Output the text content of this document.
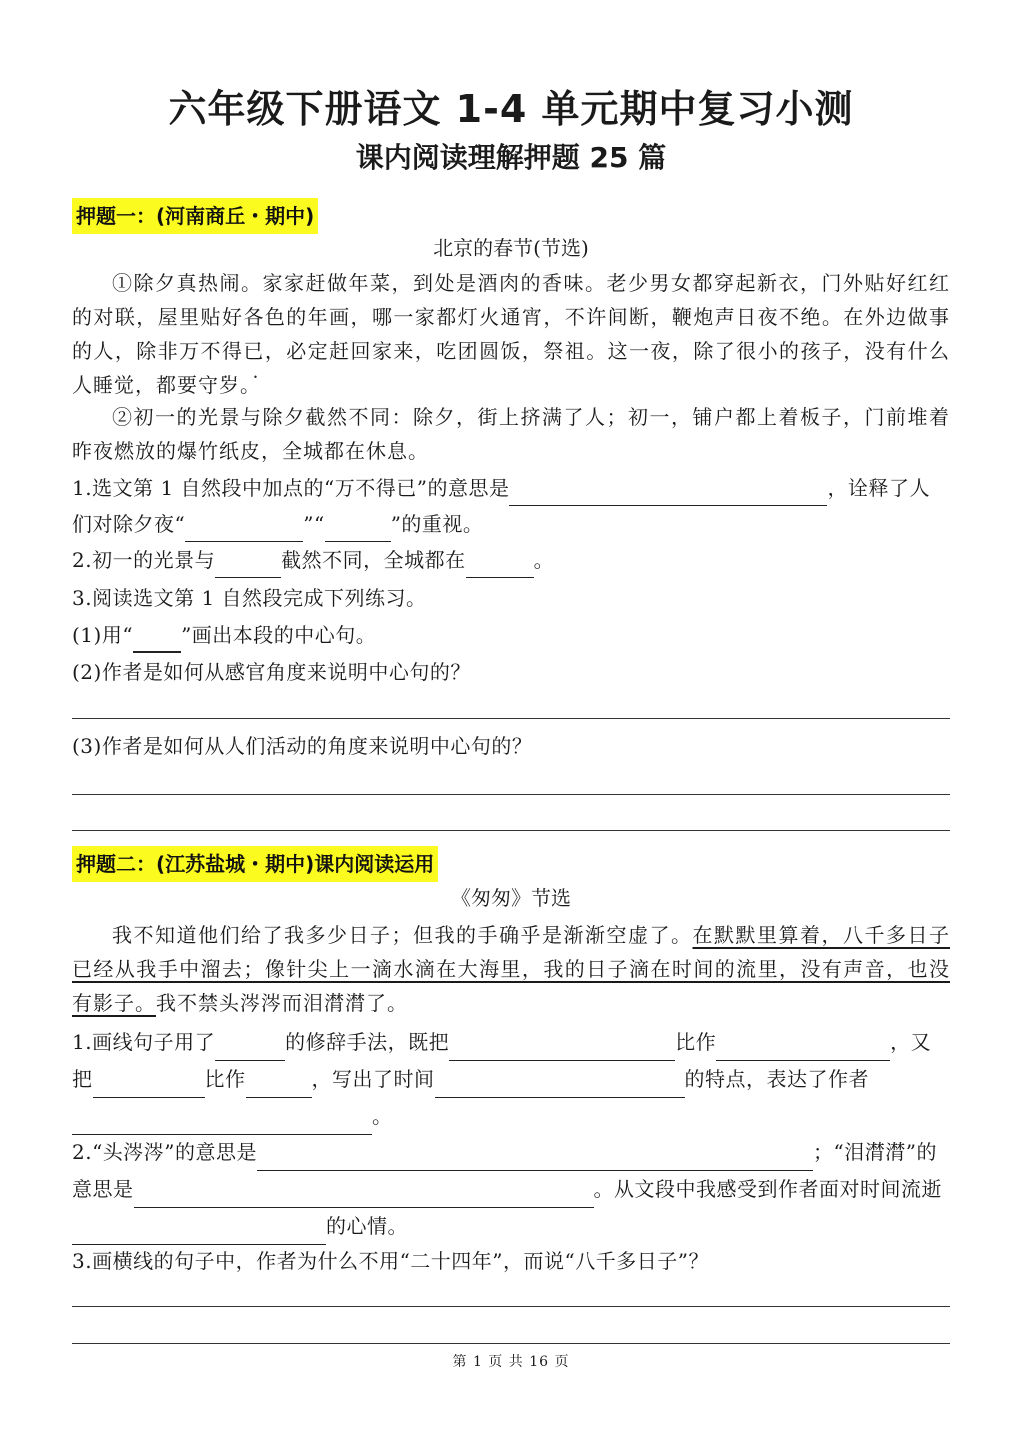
六年级下册语文 1-4 单元期中复习小测
课内阅读理解押题 25 篇
押题一：(河南商丘・期中)
北京的春节(节选)
①除夕真热闹。家家赶做年菜，到处是酒肉的香味。老少男女都穿起新衣，门外贴好红红的对联，屋里贴好各色的年画，哪一家都灯火通宵，不许间断，鞭炮声日夜不绝。在外边做事的人，除非万不得已 • • • •，必定赶回家来，吃团圆饭，祭祖。这一夜，除了很小的孩子，没有什么人睡觉，都要守岁。
②初一的光景与除夕截然不同：除夕，街上挤满了人；初一，铺户都上着板子，门前堆着昨夜燃放的爆竹纸皮，全城都在休息。
1.选文第 1 自然段中加点的“万不得已”的意思是	，诠释了人们对除夕夜“	”“	”的重视。
2.初一的光景与	截然不同，全城都在	。
3.阅读选文第 1 自然段完成下列练习。
(1)用“ ”画出本段的中心句。
(2)作者是如何从感官角度来说明中心句的？
(3)作者是如何从人们活动的角度来说明中心句的？
押题二：(江苏盐城・期中)课内阅读运用
《匆匆》节选
我不知道他们给了我多少日子；但我的手确乎是渐渐空虚了。在默默里算着，八千多日子已经从我手中溜去；像针尖上一滴水滴在大海里，我的日子滴在时间的流里，没有声音，也没有影子。我不禁头涔涔而泪潸潸了。
1.画线句子用了	的修辞手法，既把	比作	，又把	比作	，写出了时间	的特点，表达了作者。
2.“头涔涔”的意思是	；“泪潸潸”的意思是	。从文段中我感受到作者面对时间流逝的心情。
3.画横线的句子中，作者为什么不用“二十四年”，而说“八千多日子”？
第 1 页 共 16 页
